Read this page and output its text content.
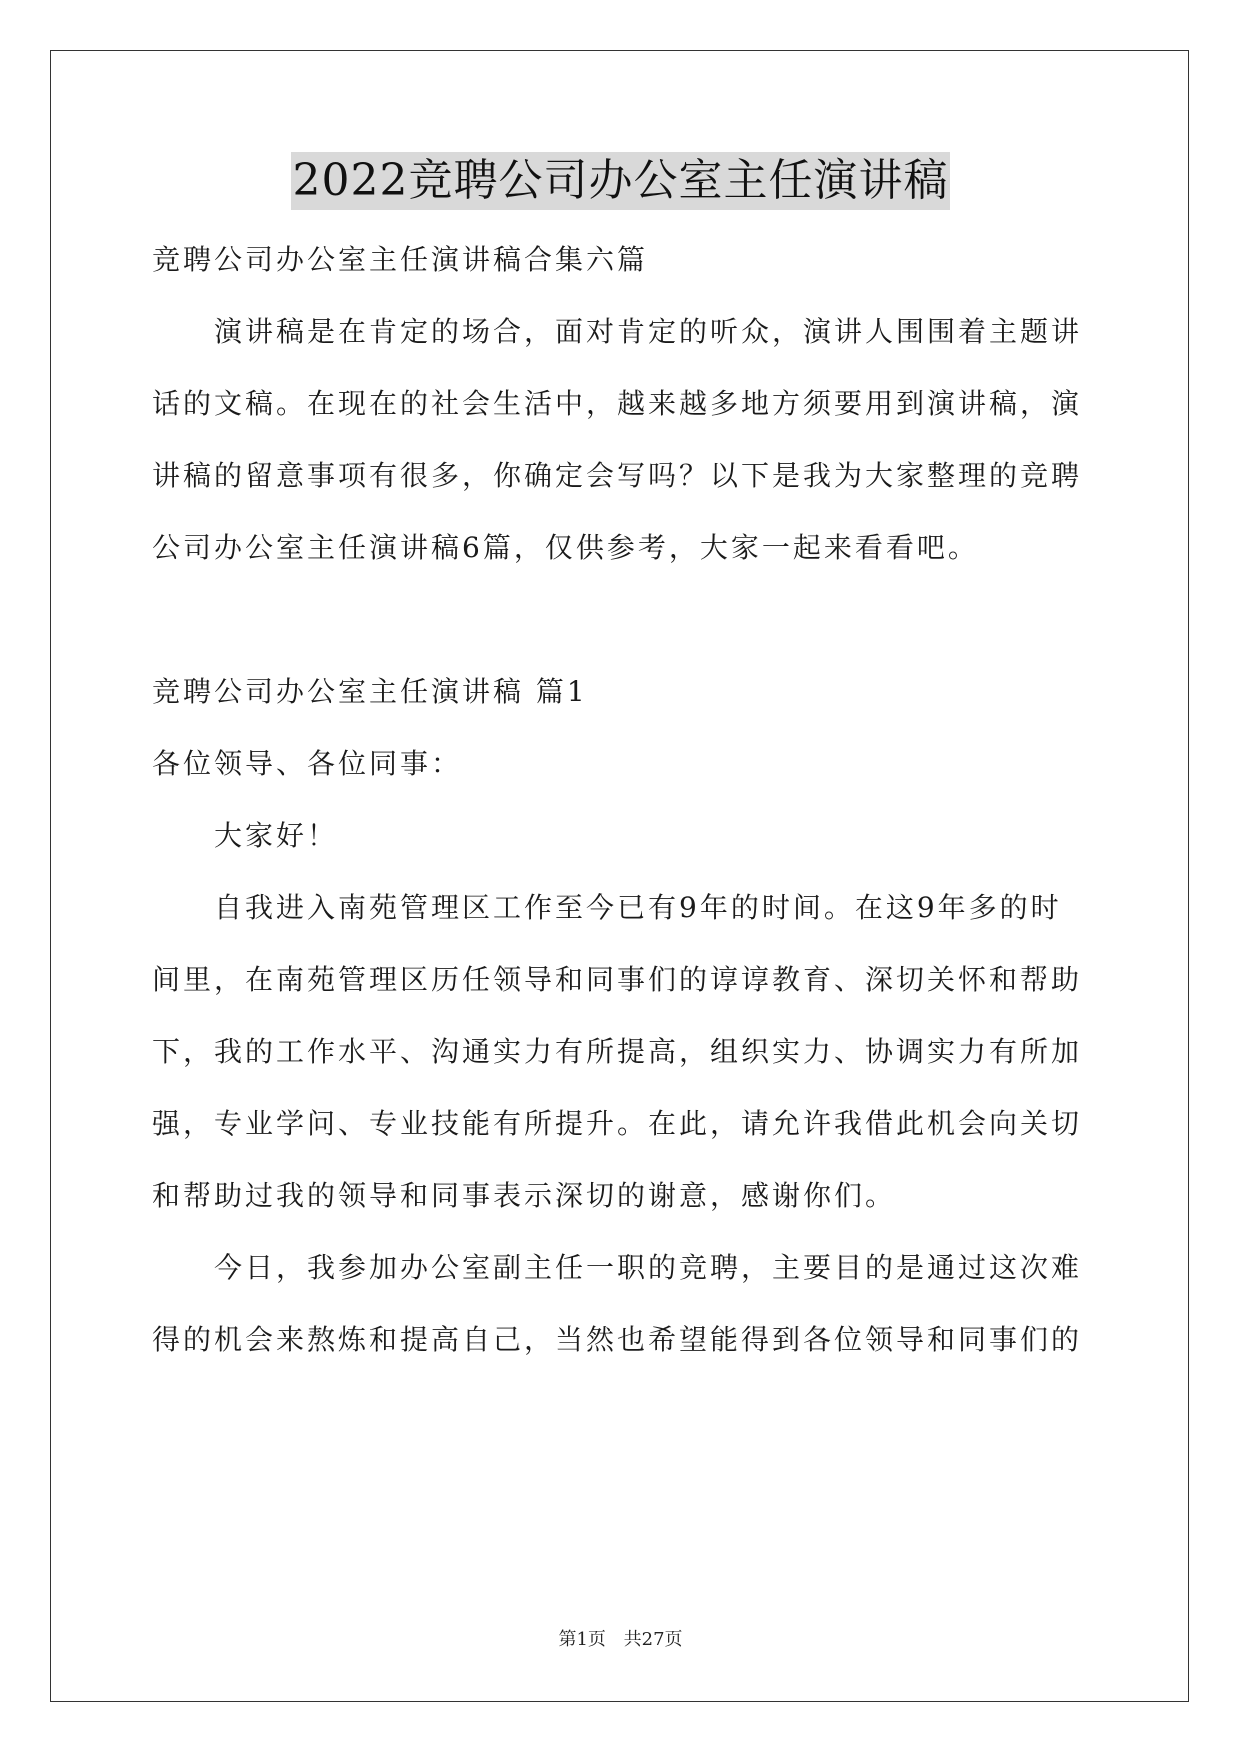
2022竞聘公司办公室主任演讲稿
竞聘公司办公室主任演讲稿合集六篇
演讲稿是在肯定的场合，面对肯定的听众，演讲人围围着主题讲
话的文稿。在现在的社会生活中，越来越多地方须要用到演讲稿，演
讲稿的留意事项有很多，你确定会写吗？以下是我为大家整理的竞聘
公司办公室主任演讲稿6篇，仅供参考，大家一起来看看吧。
竞聘公司办公室主任演讲稿 篇1
各位领导、各位同事：
大家好！
自我进入南苑管理区工作至今已有9年的时间。在这9年多的时
间里，在南苑管理区历任领导和同事们的谆谆教育、深切关怀和帮助
下，我的工作水平、沟通实力有所提高，组织实力、协调实力有所加
强，专业学问、专业技能有所提升。在此，请允许我借此机会向关切
和帮助过我的领导和同事表示深切的谢意，感谢你们。
今日，我参加办公室副主任一职的竞聘，主要目的是通过这次难
得的机会来熬炼和提高自己，当然也希望能得到各位领导和同事们的
第1页 共27页
